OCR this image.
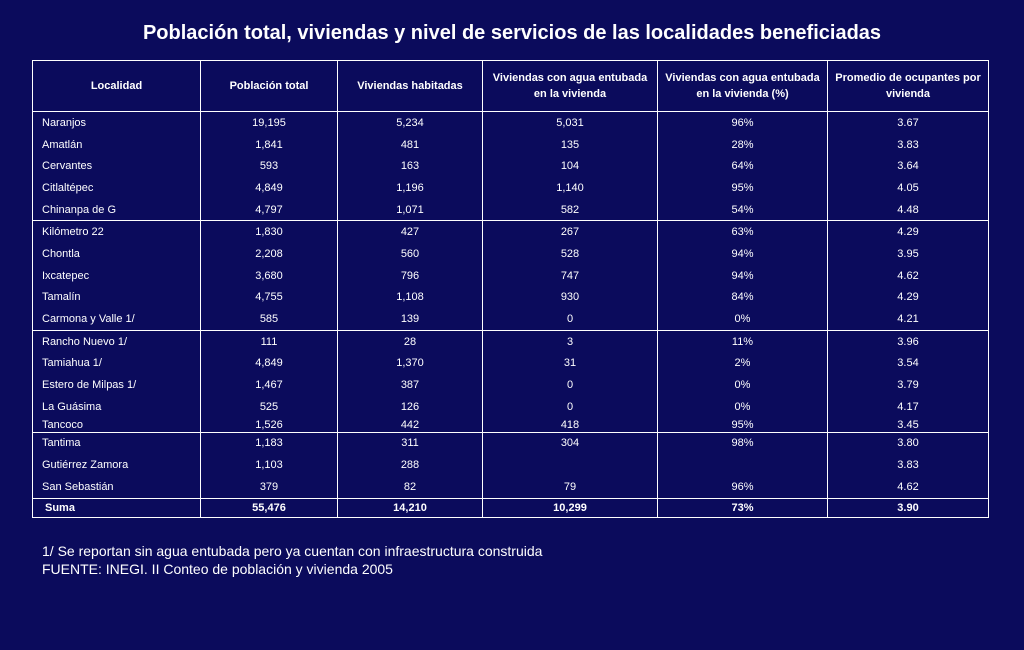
Población total, viviendas y nivel de servicios de las localidades beneficiadas
Localidad	Población total	Viviendas habitadas	Viviendas con agua entubada en la vivienda	Viviendas con agua entubada en la vivienda (%)	Promedio de ocupantes por vivienda
Naranjos	19,195	5,234	5,031	96%	3.67
Amatlán	1,841	481	135	28%	3.83
Cervantes	593	163	104	64%	3.64
Citlaltépec	4,849	1,196	1,140	95%	4.05
Chinanpa de G	4,797	1,071	582	54%	4.48
Kilómetro 22	1,830	427	267	63%	4.29
Chontla	2,208	560	528	94%	3.95
Ixcatepec	3,680	796	747	94%	4.62
Tamalín	4,755	1,108	930	84%	4.29
Carmona y Valle 1/	585	139	0	0%	4.21
Rancho Nuevo 1/	111	28	3	11%	3.96
Tamiahua 1/	4,849	1,370	31	2%	3.54
Estero de Milpas 1/	1,467	387	0	0%	3.79
La Guásima	525	126	0	0%	4.17
Tancoco	1,526	442	418	95%	3.45
Tantima	1,183	311	304	98%	3.80
Gutiérrez Zamora	1,103	288			3.83
San Sebastián	379	82	79	96%	4.62
Suma	55,476	14,210	10,299	73%	3.90
1/ Se reportan sin agua entubada pero ya cuentan con infraestructura construida
FUENTE: INEGI. II Conteo de población y vivienda 2005
